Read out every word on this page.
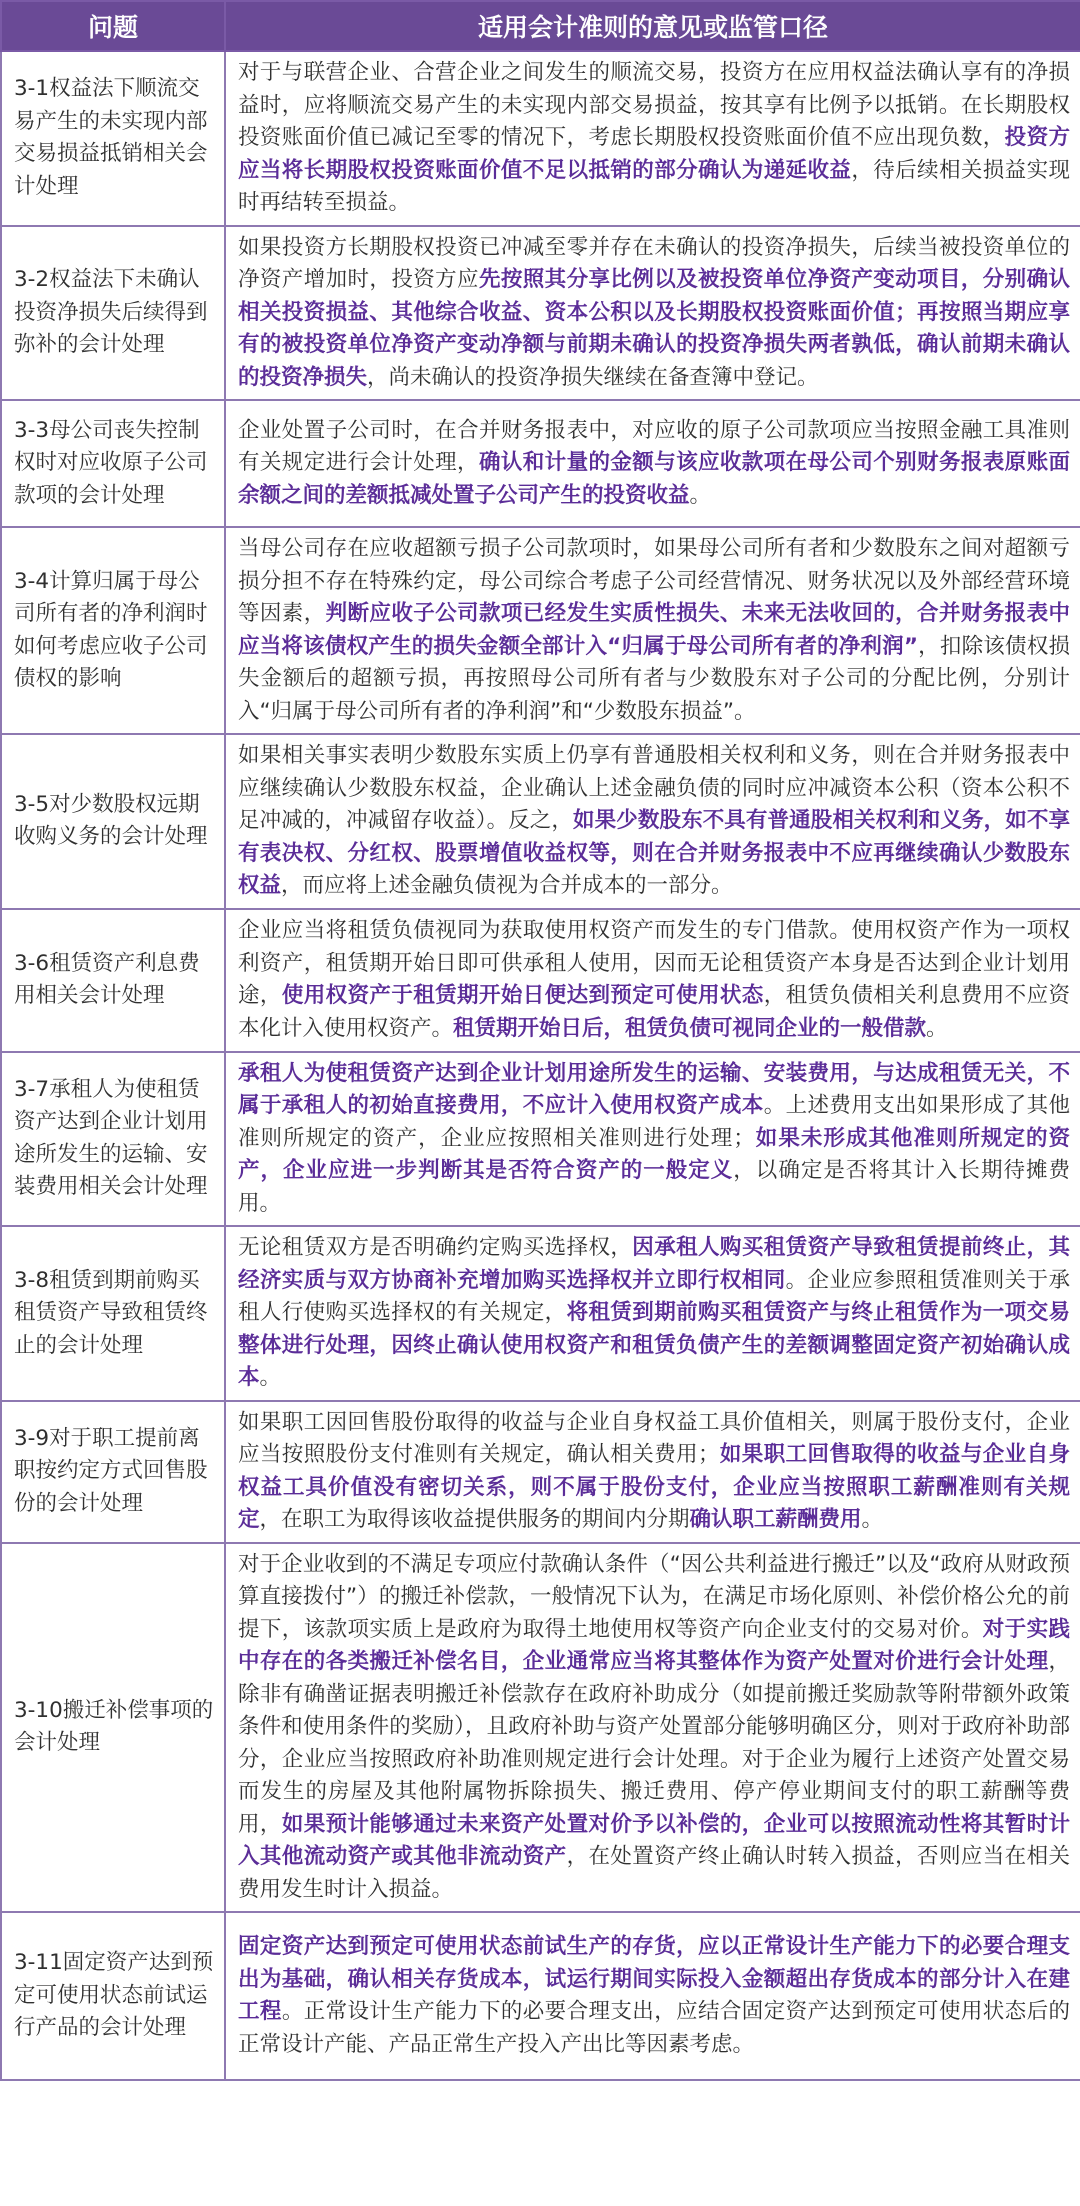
问题	适用会计准则的意见或监管口径
3-1权益法下顺流交易产生的未实现内部交易损益抵销相关会计处理	对于与联营企业、合营企业之间发生的顺流交易，投资方在应用权益法确认享有的净损益时，应将顺流交易产生的未实现内部交易损益，按其享有比例予以抵销。在长期股权投资账面价值已减记至零的情况下，考虑长期股权投资账面价值不应出现负数，投资方应当将长期股权投资账面价值不足以抵销的部分确认为递延收益，待后续相关损益实现时再结转至损益。
3-2权益法下未确认投资净损失后续得到弥补的会计处理	如果投资方长期股权投资已冲减至零并存在未确认的投资净损失，后续当被投资单位的净资产增加时，投资方应先按照其分享比例以及被投资单位净资产变动项目，分别确认相关投资损益、其他综合收益、资本公积以及长期股权投资账面价值；再按照当期应享有的被投资单位净资产变动净额与前期未确认的投资净损失两者孰低，确认前期未确认的投资净损失，尚未确认的投资净损失继续在备查簿中登记。
3-3母公司丧失控制权时对应收原子公司款项的会计处理	企业处置子公司时，在合并财务报表中，对应收的原子公司款项应当按照金融工具准则有关规定进行会计处理，确认和计量的金额与该应收款项在母公司个别财务报表原账面余额之间的差额抵减处置子公司产生的投资收益。
3-4计算归属于母公司所有者的净利润时如何考虑应收子公司债权的影响	当母公司存在应收超额亏损子公司款项时，如果母公司所有者和少数股东之间对超额亏损分担不存在特殊约定，母公司综合考虑子公司经营情况、财务状况以及外部经营环境等因素，判断应收子公司款项已经发生实质性损失、未来无法收回的，合并财务报表中应当将该债权产生的损失金额全部计入“归属于母公司所有者的净利润”，扣除该债权损失金额后的超额亏损，再按照母公司所有者与少数股东对子公司的分配比例，分别计入“归属于母公司所有者的净利润”和“少数股东损益”。
3-5对少数股权远期收购义务的会计处理	如果相关事实表明少数股东实质上仍享有普通股相关权利和义务，则在合并财务报表中应继续确认少数股东权益，企业确认上述金融负债的同时应冲减资本公积（资本公积不足冲减的，冲减留存收益）。反之，如果少数股东不具有普通股相关权利和义务，如不享有表决权、分红权、股票增值收益权等，则在合并财务报表中不应再继续确认少数股东权益，而应将上述金融负债视为合并成本的一部分。
3-6租赁资产利息费用相关会计处理	企业应当将租赁负债视同为获取使用权资产而发生的专门借款。使用权资产作为一项权利资产，租赁期开始日即可供承租人使用，因而无论租赁资产本身是否达到企业计划用途，使用权资产于租赁期开始日便达到预定可使用状态，租赁负债相关利息费用不应资本化计入使用权资产。租赁期开始日后，租赁负债可视同企业的一般借款。
3-7承租人为使租赁资产达到企业计划用途所发生的运输、安装费用相关会计处理	承租人为使租赁资产达到企业计划用途所发生的运输、安装费用，与达成租赁无关，不属于承租人的初始直接费用，不应计入使用权资产成本。上述费用支出如果形成了其他准则所规定的资产，企业应按照相关准则进行处理；如果未形成其他准则所规定的资产，企业应进一步判断其是否符合资产的一般定义，以确定是否将其计入长期待摊费用。
3-8租赁到期前购买租赁资产导致租赁终止的会计处理	无论租赁双方是否明确约定购买选择权，因承租人购买租赁资产导致租赁提前终止，其经济实质与双方协商补充增加购买选择权并立即行权相同。企业应参照租赁准则关于承租人行使购买选择权的有关规定，将租赁到期前购买租赁资产与终止租赁作为一项交易整体进行处理，因终止确认使用权资产和租赁负债产生的差额调整固定资产初始确认成本。
3-9对于职工提前离职按约定方式回售股份的会计处理	如果职工因回售股份取得的收益与企业自身权益工具价值相关，则属于股份支付，企业应当按照股份支付准则有关规定，确认相关费用；如果职工回售取得的收益与企业自身权益工具价值没有密切关系，则不属于股份支付，企业应当按照职工薪酬准则有关规定，在职工为取得该收益提供服务的期间内分期确认职工薪酬费用。
3-10搬迁补偿事项的会计处理	对于企业收到的不满足专项应付款确认条件（“因公共利益进行搬迁”以及“政府从财政预算直接拨付”）的搬迁补偿款，一般情况下认为，在满足市场化原则、补偿价格公允的前提下，该款项实质上是政府为取得土地使用权等资产向企业支付的交易对价。对于实践中存在的各类搬迁补偿名目，企业通常应当将其整体作为资产处置对价进行会计处理，除非有确凿证据表明搬迁补偿款存在政府补助成分（如提前搬迁奖励款等附带额外政策条件和使用条件的奖励），且政府补助与资产处置部分能够明确区分，则对于政府补助部分，企业应当按照政府补助准则规定进行会计处理。对于企业为履行上述资产处置交易而发生的房屋及其他附属物拆除损失、搬迁费用、停产停业期间支付的职工薪酬等费用，如果预计能够通过未来资产处置对价予以补偿的，企业可以按照流动性将其暂时计入其他流动资产或其他非流动资产，在处置资产终止确认时转入损益，否则应当在相关费用发生时计入损益。
3-11固定资产达到预定可使用状态前试运行产品的会计处理	固定资产达到预定可使用状态前试生产的存货，应以正常设计生产能力下的必要合理支出为基础，确认相关存货成本，试运行期间实际投入金额超出存货成本的部分计入在建工程。正常设计生产能力下的必要合理支出，应结合固定资产达到预定可使用状态后的正常设计产能、产品正常生产投入产出比等因素考虑。
